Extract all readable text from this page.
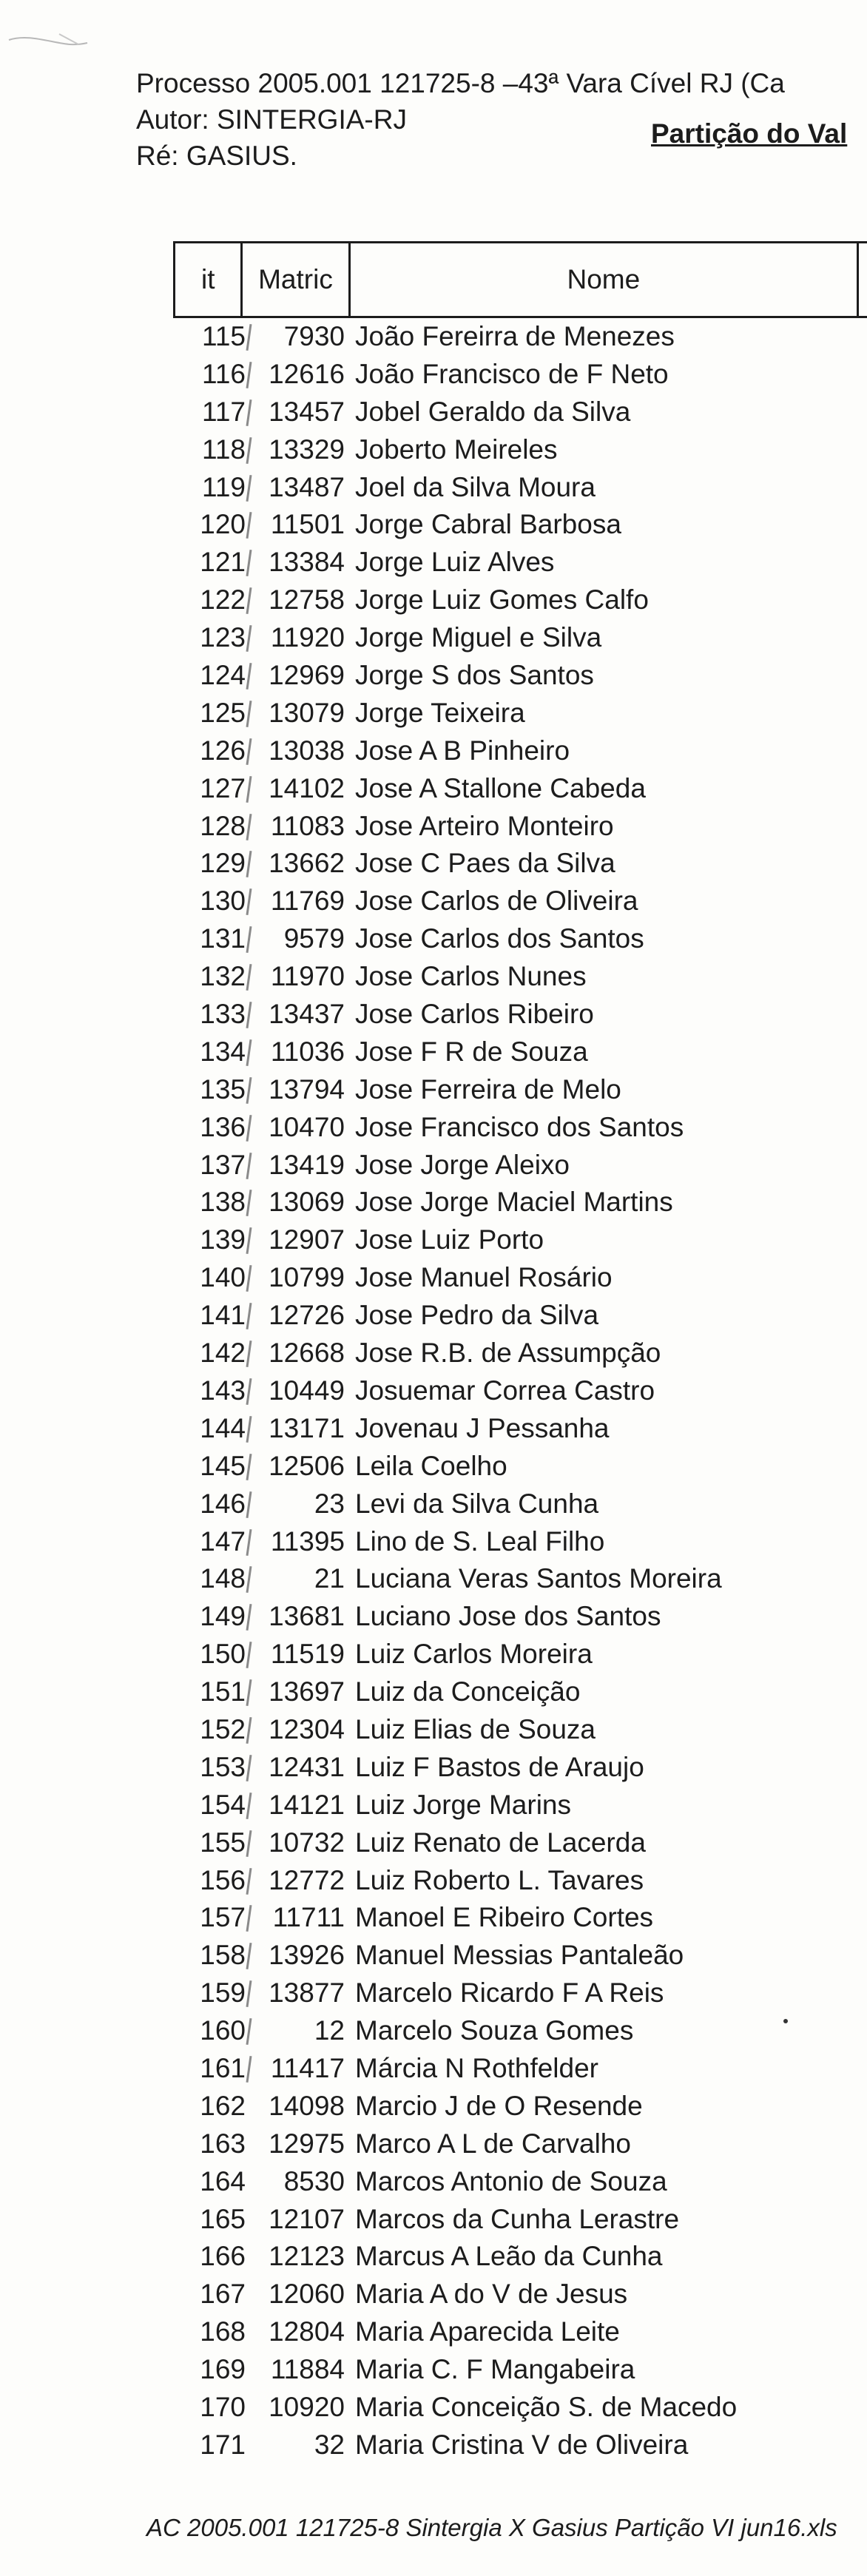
Processo 2005.001 121725-8 –43ª Vara Cível RJ (Ca
Autor: SINTERGIA-RJ
Ré: GASIUS.
Partição do Val
it	Matric	Nome
115 7930 João Fereirra de Menezes
116 12616 João Francisco de F Neto
117 13457 Jobel Geraldo da Silva
118 13329 Joberto Meireles
119 13487 Joel da Silva Moura
120 11501 Jorge Cabral Barbosa
121 13384 Jorge Luiz Alves
122 12758 Jorge Luiz Gomes Calfo
123 11920 Jorge Miguel e Silva
124 12969 Jorge S dos Santos
125 13079 Jorge Teixeira
126 13038 Jose A B Pinheiro
127 14102 Jose A Stallone Cabeda
128 11083 Jose Arteiro Monteiro
129 13662 Jose C Paes da Silva
130 11769 Jose Carlos de Oliveira
131 9579 Jose Carlos dos Santos
132 11970 Jose Carlos Nunes
133 13437 Jose Carlos Ribeiro
134 11036 Jose F R de Souza
135 13794 Jose Ferreira de Melo
136 10470 Jose Francisco dos Santos
137 13419 Jose Jorge Aleixo
138 13069 Jose Jorge Maciel Martins
139 12907 Jose Luiz Porto
140 10799 Jose Manuel Rosário
141 12726 Jose Pedro da Silva
142 12668 Jose R.B. de Assumpção
143 10449 Josuemar Correa Castro
144 13171 Jovenau J Pessanha
145 12506 Leila Coelho
146	23 Levi da Silva Cunha
147 11395 Lino de S. Leal Filho
148	21 Luciana Veras Santos Moreira
149 13681 Luciano Jose dos Santos
150 11519 Luiz Carlos Moreira
151 13697 Luiz da Conceição
152 12304 Luiz Elias de Souza
153 12431 Luiz F Bastos de Araujo
154 14121 Luiz Jorge Marins
155 10732 Luiz Renato de Lacerda
156 12772 Luiz Roberto L. Tavares
157 11711 Manoel E Ribeiro Cortes
158 13926 Manuel Messias Pantaleão
159 13877 Marcelo Ricardo F A Reis
160	12 Marcelo Souza Gomes
161 11417 Márcia N Rothfelder
162 14098 Marcio J de O Resende
163 12975 Marco A L de Carvalho
164 8530 Marcos Antonio de Souza
165 12107 Marcos da Cunha Lerastre
166 12123 Marcus A Leão da Cunha
167 12060 Maria A do V de Jesus
168 12804 Maria Aparecida Leite
169 11884 Maria C. F Mangabeira
170 10920 Maria Conceição S. de Macedo
171	32 Maria Cristina V de Oliveira
AC 2005.001 121725-8 Sintergia X Gasius Partição VI jun16.xls
